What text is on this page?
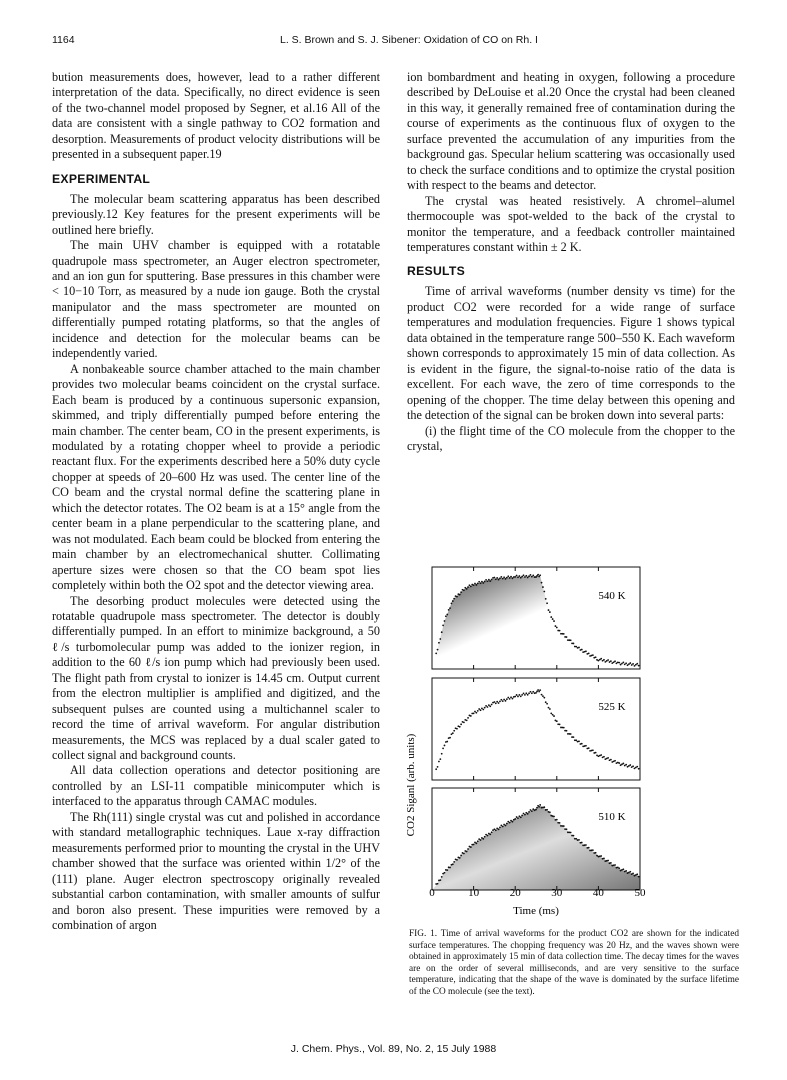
1164	L. S. Brown and S. J. Sibener: Oxidation of CO on Rh. I

bution measurements does, however, lead to a rather different interpretation of the data. Specifically, no direct evidence is seen of the two-channel model proposed by Segner, et al.16 All of the data are consistent with a single pathway to CO2 formation and desorption. Measurements of product velocity distributions will be presented in a subsequent paper.19

EXPERIMENTAL

The molecular beam scattering apparatus has been described previously.12 Key features for the present experiments will be outlined here briefly.

The main UHV chamber is equipped with a rotatable quadrupole mass spectrometer, an Auger electron spectrometer, and an ion gun for sputtering. Base pressures in this chamber were < 10−10 Torr, as measured by a nude ion gauge. Both the crystal manipulator and the mass spectrometer are mounted on differentially pumped rotating platforms, so that the angles of incidence and detection for the molecular beams can be independently varied.

A nonbakeable source chamber attached to the main chamber provides two molecular beams coincident on the crystal surface. Each beam is produced by a continuous supersonic expansion, skimmed, and triply differentially pumped before entering the main chamber. The center beam, CO in the present experiments, is modulated by a rotating chopper wheel to provide a periodic reactant flux. For the experiments described here a 50% duty cycle chopper at speeds of 20–600 Hz was used. The center line of the CO beam and the crystal normal define the scattering plane in which the detector rotates. The O2 beam is at a 15° angle from the center beam in a plane perpendicular to the scattering plane, and was not modulated. Each beam could be blocked from entering the main chamber by an electromechanical shutter. Collimating aperture sizes were chosen so that the CO beam spot lies completely within both the O2 spot and the detector viewing area.

The desorbing product molecules were detected using the rotatable quadrupole mass spectrometer. The detector is doubly differentially pumped. In an effort to minimize background, a 50 ℓ/s turbomolecular pump was added to the ionizer region, in addition to the 60 ℓ/s ion pump which had previously been used. The flight path from crystal to ionizer is 14.45 cm. Output current from the electron multiplier is amplified and digitized, and the subsequent pulses are counted using a multichannel scaler to record the time of arrival waveform. For angular distribution measurements, the MCS was replaced by a dual scaler gated to collect signal and background counts.

All data collection operations and detector positioning are controlled by an LSI-11 compatible minicomputer which is interfaced to the apparatus through CAMAC modules.

The Rh(111) single crystal was cut and polished in accordance with standard metallographic techniques. Laue x-ray diffraction measurements performed prior to mounting the crystal in the UHV chamber showed that the surface was oriented within 1/2° of the (111) plane. Auger electron spectroscopy originally revealed substantial carbon contamination, with smaller amounts of sulfur and boron also present. These impurities were removed by a combination of argon

ion bombardment and heating in oxygen, following a procedure described by DeLouise et al.20 Once the crystal had been cleaned in this way, it generally remained free of contamination during the course of experiments as the continuous flux of oxygen to the surface prevented the accumulation of any impurities from the background gas. Specular helium scattering was occasionally used to check the surface conditions and to optimize the crystal position with respect to the beams and detector.

The crystal was heated resistively. A chromel–alumel thermocouple was spot-welded to the back of the crystal to monitor the temperature, and a feedback controller maintained temperatures constant within ± 2 K.

RESULTS

Time of arrival waveforms (number density vs time) for the product CO2 were recorded for a wide range of surface temperatures and modulation frequencies. Figure 1 shows typical data obtained in the temperature range 500–550 K. Each waveform shown corresponds to approximately 15 min of data collection. As is evident in the figure, the signal-to-noise ratio of the data is excellent. For each wave, the zero of time corresponds to the opening of the chopper. The time delay between this opening and the detection of the signal can be broken down into several parts:

(i) the flight time of the CO molecule from the chopper to the crystal,

540 K
525 K
510 K
CO2 Siganl (arb. units)
0	10	20	30	40	50
Time (ms)
FIG. 1. Time of arrival waveforms for the product CO2 are shown for the indicated surface temperatures. The chopping frequency was 20 Hz, and the waves shown were obtained in approximately 15 min of data collection time. The decay times for the waves are on the order of several milliseconds, and are very sensitive to the surface temperature, indicating that the shape of the wave is dominated by the surface lifetime of the CO molecule (see the text).
J. Chem. Phys., Vol. 89, No. 2, 15 July 1988
